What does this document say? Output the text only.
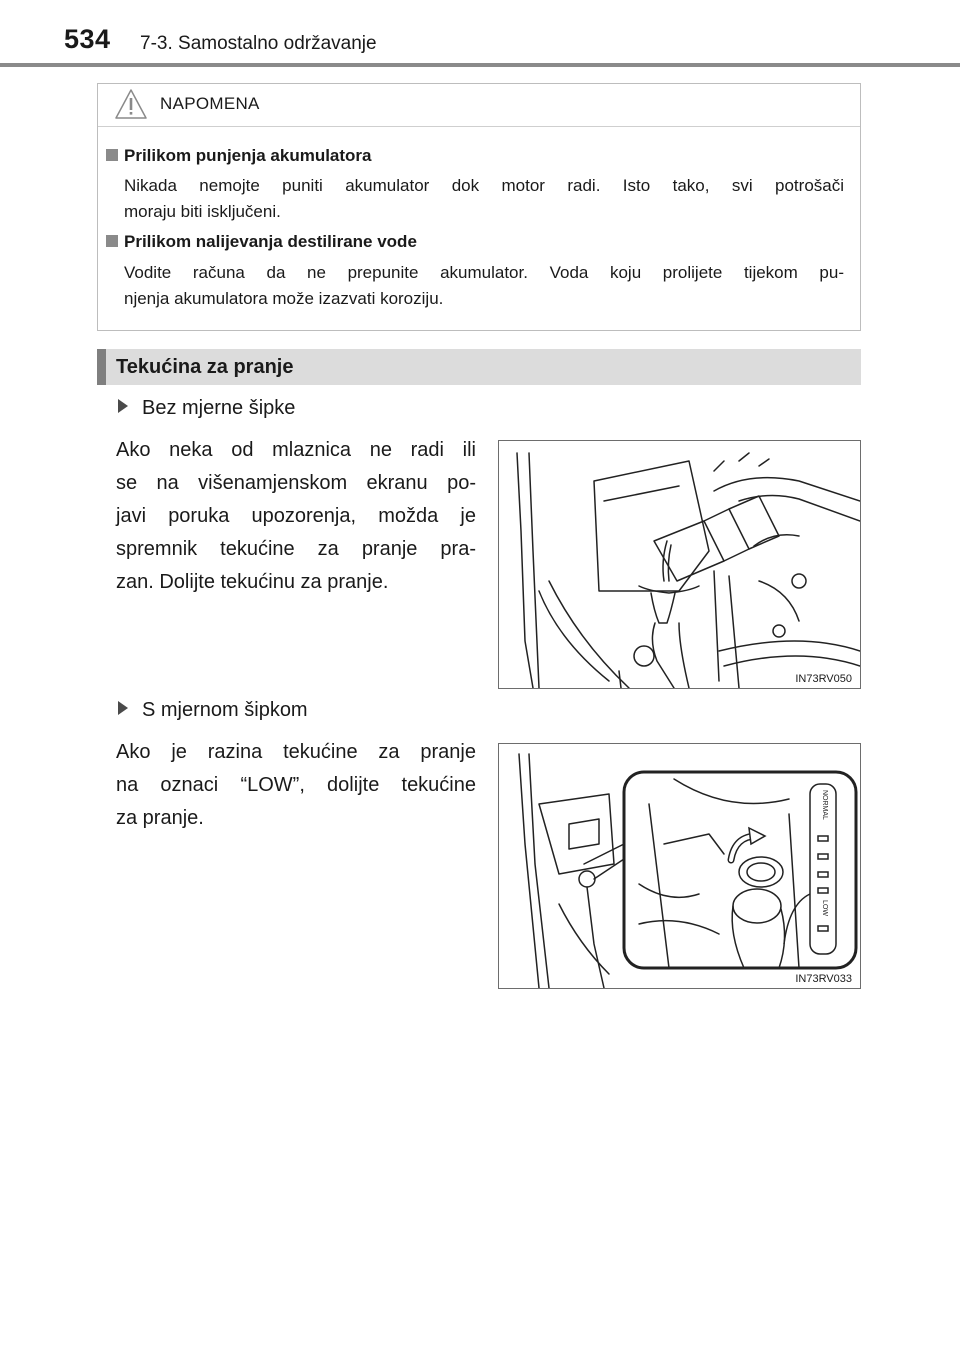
534 7-3. Samostalno održavanje
NAPOMENA
Prilikom punjenja akumulatora
Nikada nemojte puniti akumulator dok motor radi. Isto tako, svi potrošači
moraju biti isključeni.
Prilikom nalijevanja destilirane vode
Vodite računa da ne prepunite akumulator. Voda koju prolijete tijekom pu-
njenja akumulatora može izazvati koroziju.
Tekućina za pranje
Bez mjerne šipke
Ako neka od mlaznica ne radi ili
se na višenamjenskom ekranu po-
javi poruka upozorenja, možda je
spremnik tekućine za pranje pra-
zan. Dolijte tekućinu za pranje.
IN73RV050
S mjernom šipkom
Ako je razina tekućine za pranje
na oznaci “LOW”, dolijte tekućine
za pranje.	NORMAL
LOW
IN73RV033
